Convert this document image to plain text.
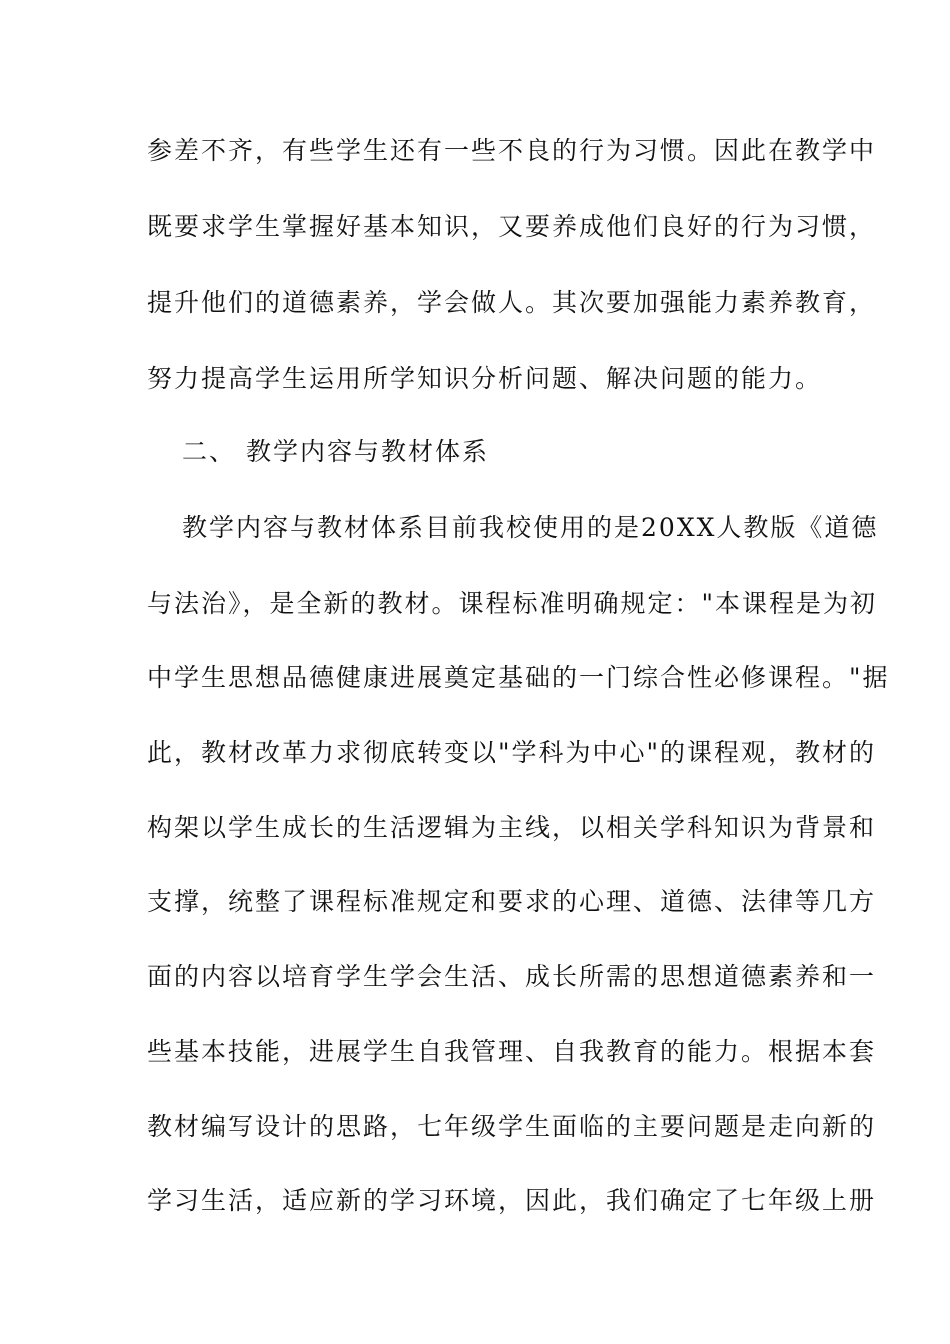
参差不齐，有些学生还有一些不良的行为习惯。因此在教学中
既要求学生掌握好基本知识，又要养成他们良好的行为习惯，
提升他们的道德素养，学会做人。其次要加强能力素养教育，
努力提高学生运用所学知识分析问题、解决问题的能力。
二、 教学内容与教材体系
教学内容与教材体系目前我校使用的是20XX人教版《道德
与法治》，是全新的教材。课程标准明确规定："本课程是为初
中学生思想品德健康进展奠定基础的一门综合性必修课程。"据
此，教材改革力求彻底转变以"学科为中心"的课程观，教材的
构架以学生成长的生活逻辑为主线，以相关学科知识为背景和
支撑，统整了课程标准规定和要求的心理、道德、法律等几方
面的内容以培育学生学会生活、成长所需的思想道德素养和一
些基本技能，进展学生自我管理、自我教育的能力。根据本套
教材编写设计的思路，七年级学生面临的主要问题是走向新的
学习生活，适应新的学习环境，因此，我们确定了七年级上册
